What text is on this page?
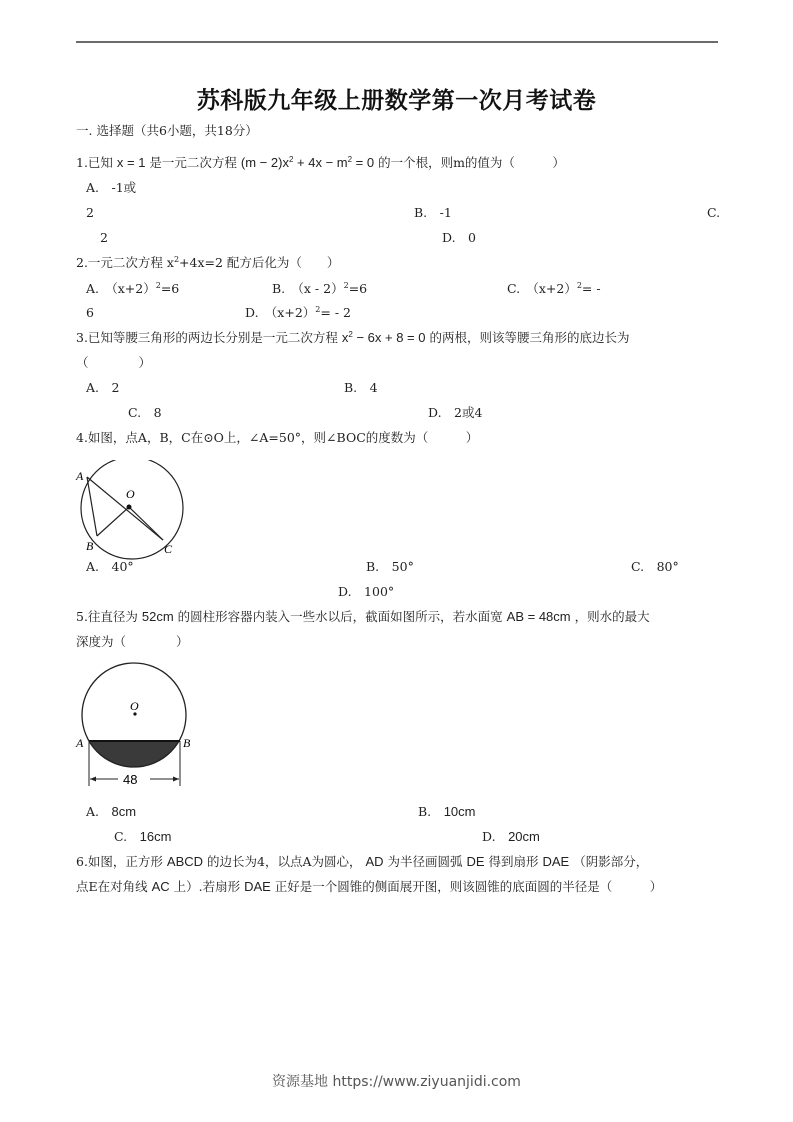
苏科版九年级上册数学第一次月考试卷
一. 选择题（共6小题，共18分）
1.已知 x = 1 是一元二次方程 $(m - 2)x^2 + 4x - m^2 = 0$ 的一个根，则m的值为（　　　）
A.　-1或
2	B.　-1	C.
2	D.　0
2.一元二次方程 $x^2+4x=2$ 配方后化为（　　）
A.　$(x+2)^2=6$	B.　（x - 2）$^2$=6	C.　$(x+2)^2=$ -
6	D.　$(x+2)^2= - 2$
3.已知等腰三角形的两边长分别是一元二次方程 $x^2 - 6x + 8 = 0$ 的两根，则该等腰三角形的底边长为
（　　　　）
A.　2	B.　4
C.　8	D.　2或4
4.如图，点A，B，C在⊙O上，∠A=50°，则∠BOC的度数为（　　　）
A
O
B	C
A.　40°	B.　50°	C.　80°
D.　100°
5.往直径为 52cm 的圆柱形容器内装入一些水以后，截面如图所示，若水面宽 AB = 48cm ，则水的最大
深度为（　　　　）
A	B
O
48
A.　 8cm	B.　 10cm
C.　 16cm	D.　 20cm
6.如图，正方形 ABCD 的边长为4，以点A为圆心， AD 为半径画圆弧 DE 得到扇形 DAE （阴影部分，
点E在对角线 AC 上）.若扇形 DAE 正好是一个圆锥的侧面展开图，则该圆锥的底面圆的半径是（　　　）
资源基地 https://www.ziyuanjidi.com
